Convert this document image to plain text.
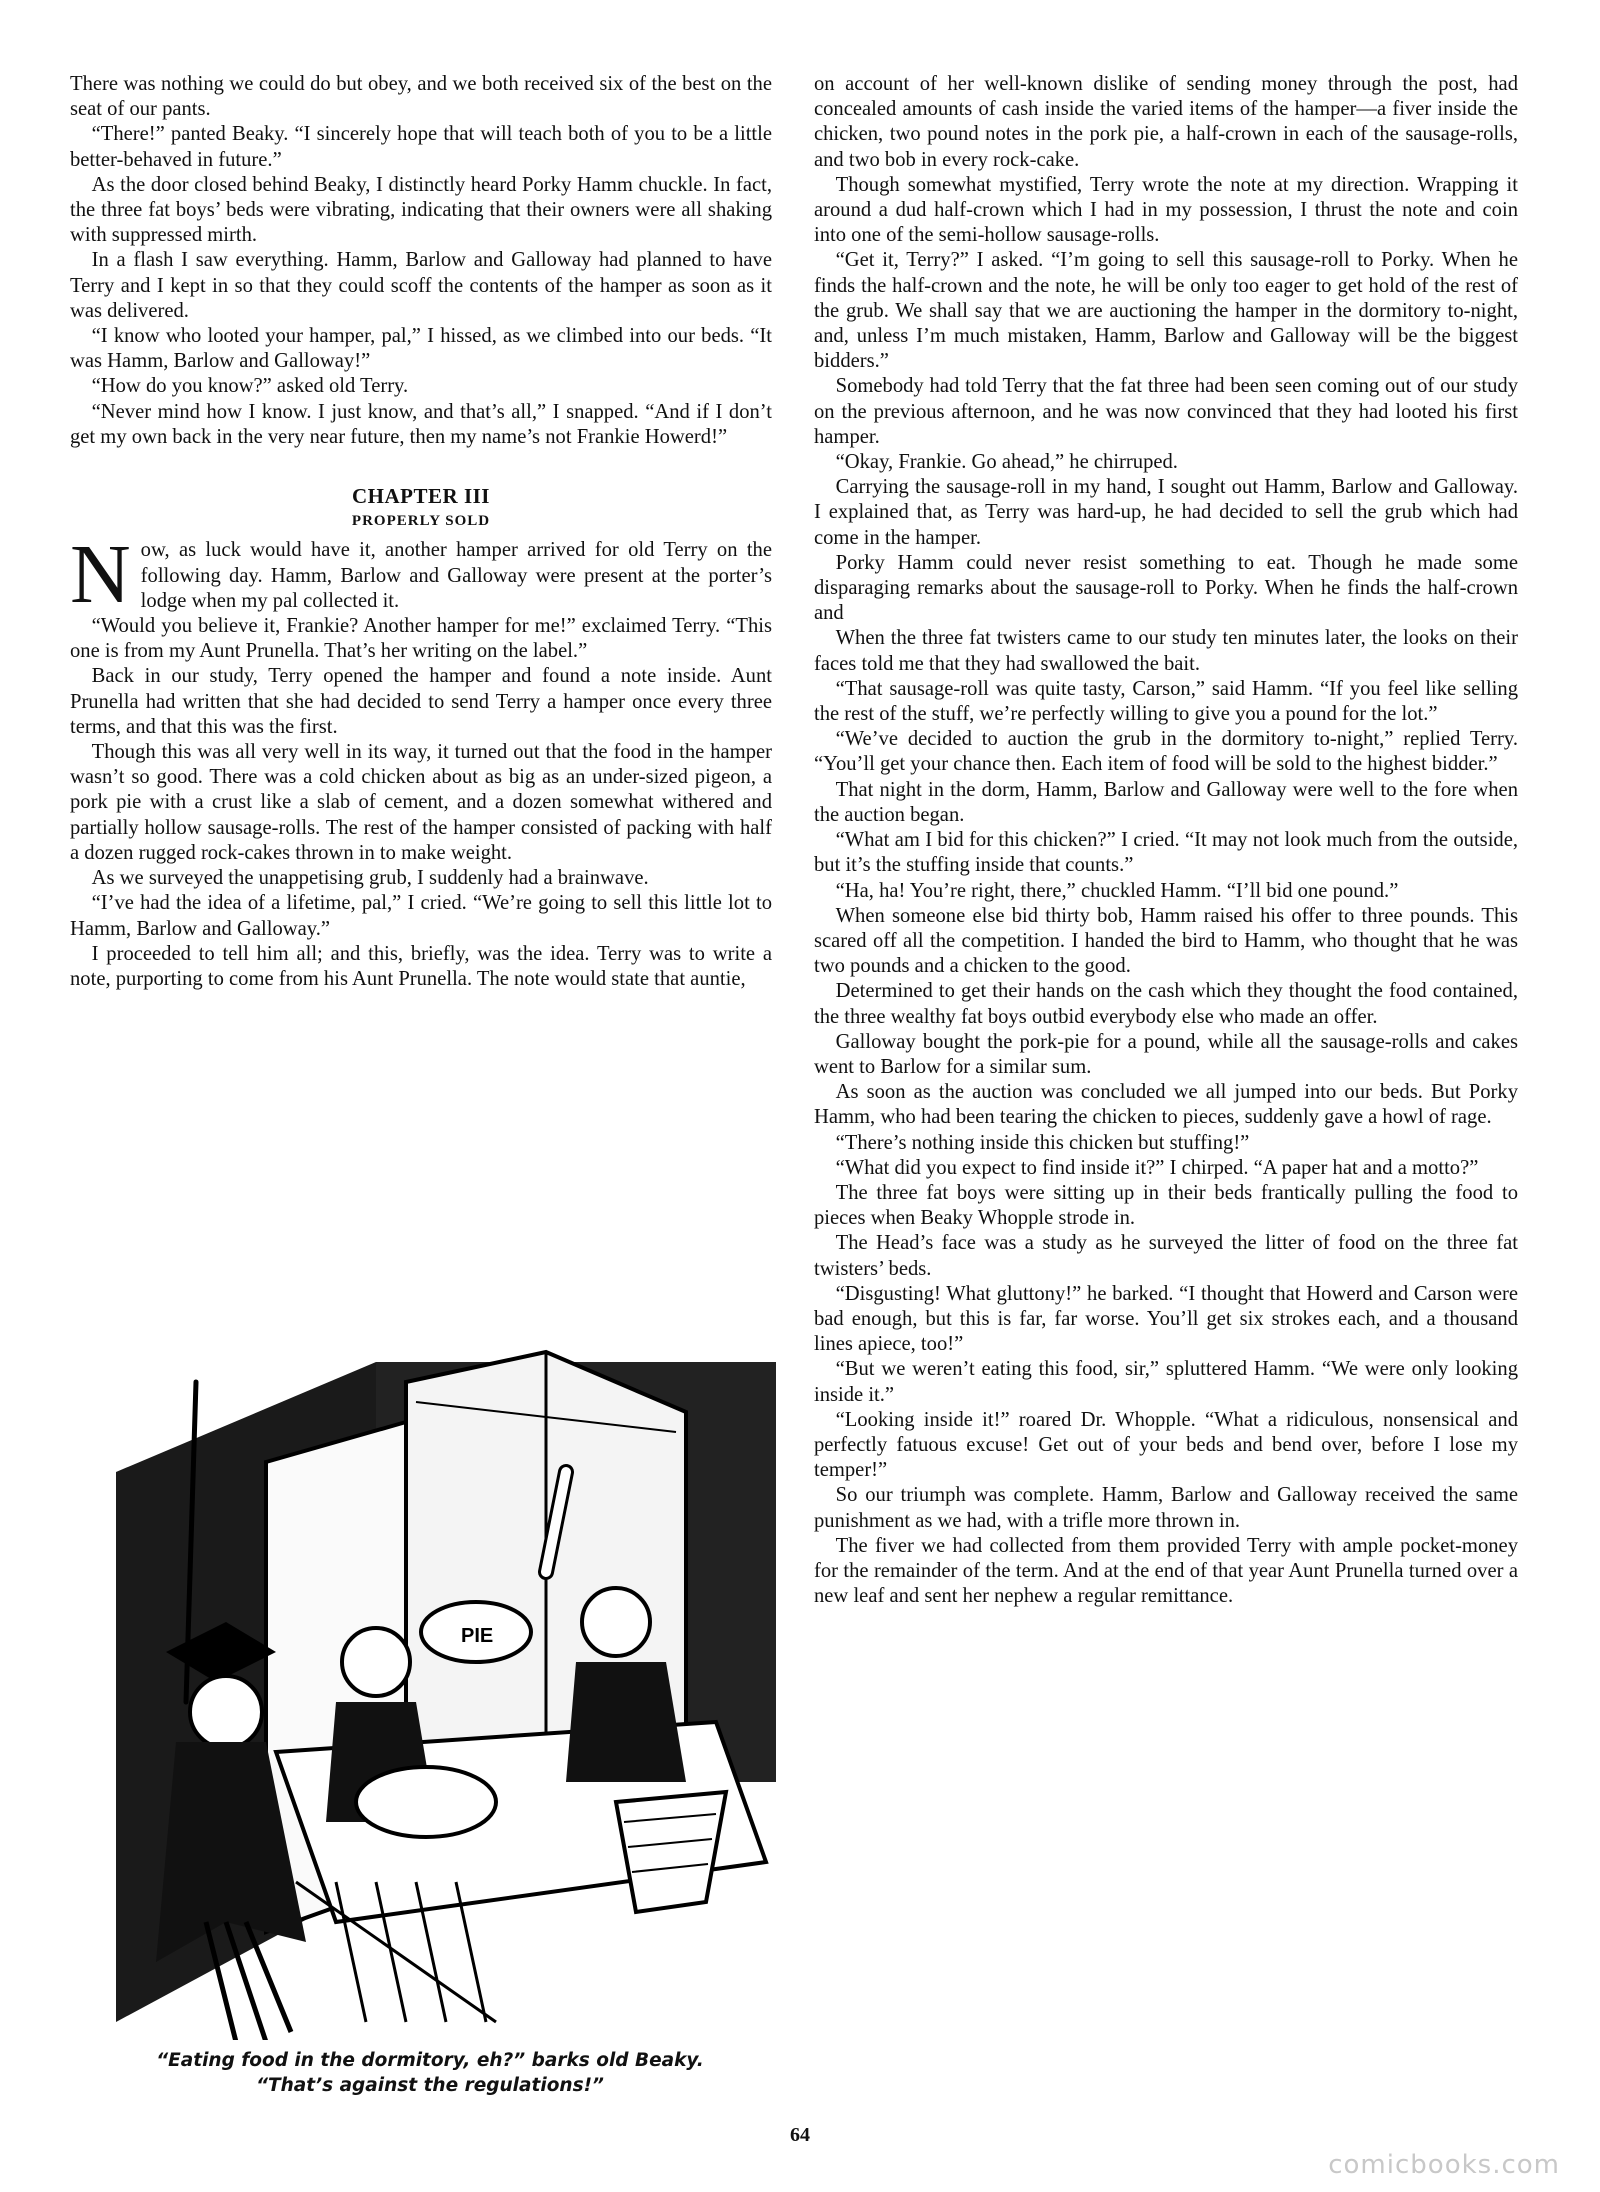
There was nothing we could do but obey, and we both received six of the best on the seat of our pants.

“There!” panted Beaky. “I sincerely hope that will teach both of you to be a little better-behaved in future.”

As the door closed behind Beaky, I distinctly heard Porky Hamm chuckle. In fact, the three fat boys’ beds were vibrating, indicating that their owners were all shaking with suppressed mirth.

In a flash I saw everything. Hamm, Barlow and Galloway had planned to have Terry and I kept in so that they could scoff the contents of the hamper as soon as it was delivered.

“I know who looted your hamper, pal,” I hissed, as we climbed into our beds. “It was Hamm, Barlow and Galloway!”

“How do you know?” asked old Terry.

“Never mind how I know. I just know, and that’s all,” I snapped. “And if I don’t get my own back in the very near future, then my name’s not Frankie Howerd!”

CHAPTER III
PROPERLY SOLD

Now, as luck would have it, another hamper arrived for old Terry on the following day. Hamm, Barlow and Galloway were present at the porter’s lodge when my pal collected it.

“Would you believe it, Frankie? Another hamper for me!” exclaimed Terry. “This one is from my Aunt Prunella. That’s her writing on the label.”

Back in our study, Terry opened the hamper and found a note inside. Aunt Prunella had written that she had decided to send Terry a hamper once every three terms, and that this was the first.

Though this was all very well in its way, it turned out that the food in the hamper wasn’t so good. There was a cold chicken about as big as an under-sized pigeon, a pork pie with a crust like a slab of cement, and a dozen somewhat withered and partially hollow sausage-rolls. The rest of the hamper consisted of packing with half a dozen rugged rock-cakes thrown in to make weight.

As we surveyed the unappetising grub, I suddenly had a brainwave.

“I’ve had the idea of a lifetime, pal,” I cried. “We’re going to sell this little lot to Hamm, Barlow and Galloway.”

I proceeded to tell him all; and this, briefly, was the idea. Terry was to write a note, purporting to come from his Aunt Prunella. The note would state that auntie,

on account of her well-known dislike of sending money through the post, had concealed amounts of cash inside the varied items of the hamper—a fiver inside the chicken, two pound notes in the pork pie, a half-crown in each of the sausage-rolls, and two bob in every rock-cake.

Though somewhat mystified, Terry wrote the note at my direction. Wrapping it around a dud half-crown which I had in my possession, I thrust the note and coin into one of the semi-hollow sausage-rolls.

“Get it, Terry?” I asked. “I’m going to sell this sausage-roll to Porky. When he finds the half-crown and the note, he will be only too eager to get hold of the rest of the grub. We shall say that we are auctioning the hamper in the dormitory to-night, and, unless I’m much mistaken, Hamm, Barlow and Galloway will be the biggest bidders.”

Somebody had told Terry that the fat three had been seen coming out of our study on the previous afternoon, and he was now convinced that they had looted his first hamper.

“Okay, Frankie. Go ahead,” he chirruped.

Carrying the sausage-roll in my hand, I sought out Hamm, Barlow and Galloway. I explained that, as Terry was hard-up, he had decided to sell the grub which had come in the hamper.

Porky Hamm could never resist something to eat. Though he made some disparaging remarks about the sausage-roll to Porky. When he finds the half-crown and

When the three fat twisters came to our study ten minutes later, the looks on their faces told me that they had swallowed the bait.

“That sausage-roll was quite tasty, Carson,” said Hamm. “If you feel like selling the rest of the stuff, we’re perfectly willing to give you a pound for the lot.”

“We’ve decided to auction the grub in the dormitory to-night,” replied Terry. “You’ll get your chance then. Each item of food will be sold to the highest bidder.”

That night in the dorm, Hamm, Barlow and Galloway were well to the fore when the auction began.

“What am I bid for this chicken?” I cried. “It may not look much from the outside, but it’s the stuffing inside that counts.”

“Ha, ha! You’re right, there,” chuckled Hamm. “I’ll bid one pound.”

When someone else bid thirty bob, Hamm raised his offer to three pounds. This scared off all the competition. I handed the bird to Hamm, who thought that he was two pounds and a chicken to the good.

Determined to get their hands on the cash which they thought the food contained, the three wealthy fat boys outbid everybody else who made an offer.

Galloway bought the pork-pie for a pound, while all the sausage-rolls and cakes went to Barlow for a similar sum.

As soon as the auction was concluded we all jumped into our beds. But Porky Hamm, who had been tearing the chicken to pieces, suddenly gave a howl of rage.

“There’s nothing inside this chicken but stuffing!”

“What did you expect to find inside it?” I chirped. “A paper hat and a motto?”

The three fat boys were sitting up in their beds frantically pulling the food to pieces when Beaky Whopple strode in.

The Head’s face was a study as he surveyed the litter of food on the three fat twisters’ beds.

“Disgusting! What gluttony!” he barked. “I thought that Howerd and Carson were bad enough, but this is far, far worse. You’ll get six strokes each, and a thousand lines apiece, too!”

“But we weren’t eating this food, sir,” spluttered Hamm. “We were only looking inside it.”

“Looking inside it!” roared Dr. Whopple. “What a ridiculous, nonsensical and perfectly fatuous excuse! Get out of your beds and bend over, before I lose my temper!”

So our triumph was complete. Hamm, Barlow and Galloway received the same punishment as we had, with a trifle more thrown in.

The fiver we had collected from them provided Terry with ample pocket-money for the remainder of the term. And at the end of that year Aunt Prunella turned over a new leaf and sent her nephew a regular remittance.

PIE
“Eating food in the dormitory, eh?” barks old Beaky.
“That’s against the regulations!”
64
comicbooks.com
